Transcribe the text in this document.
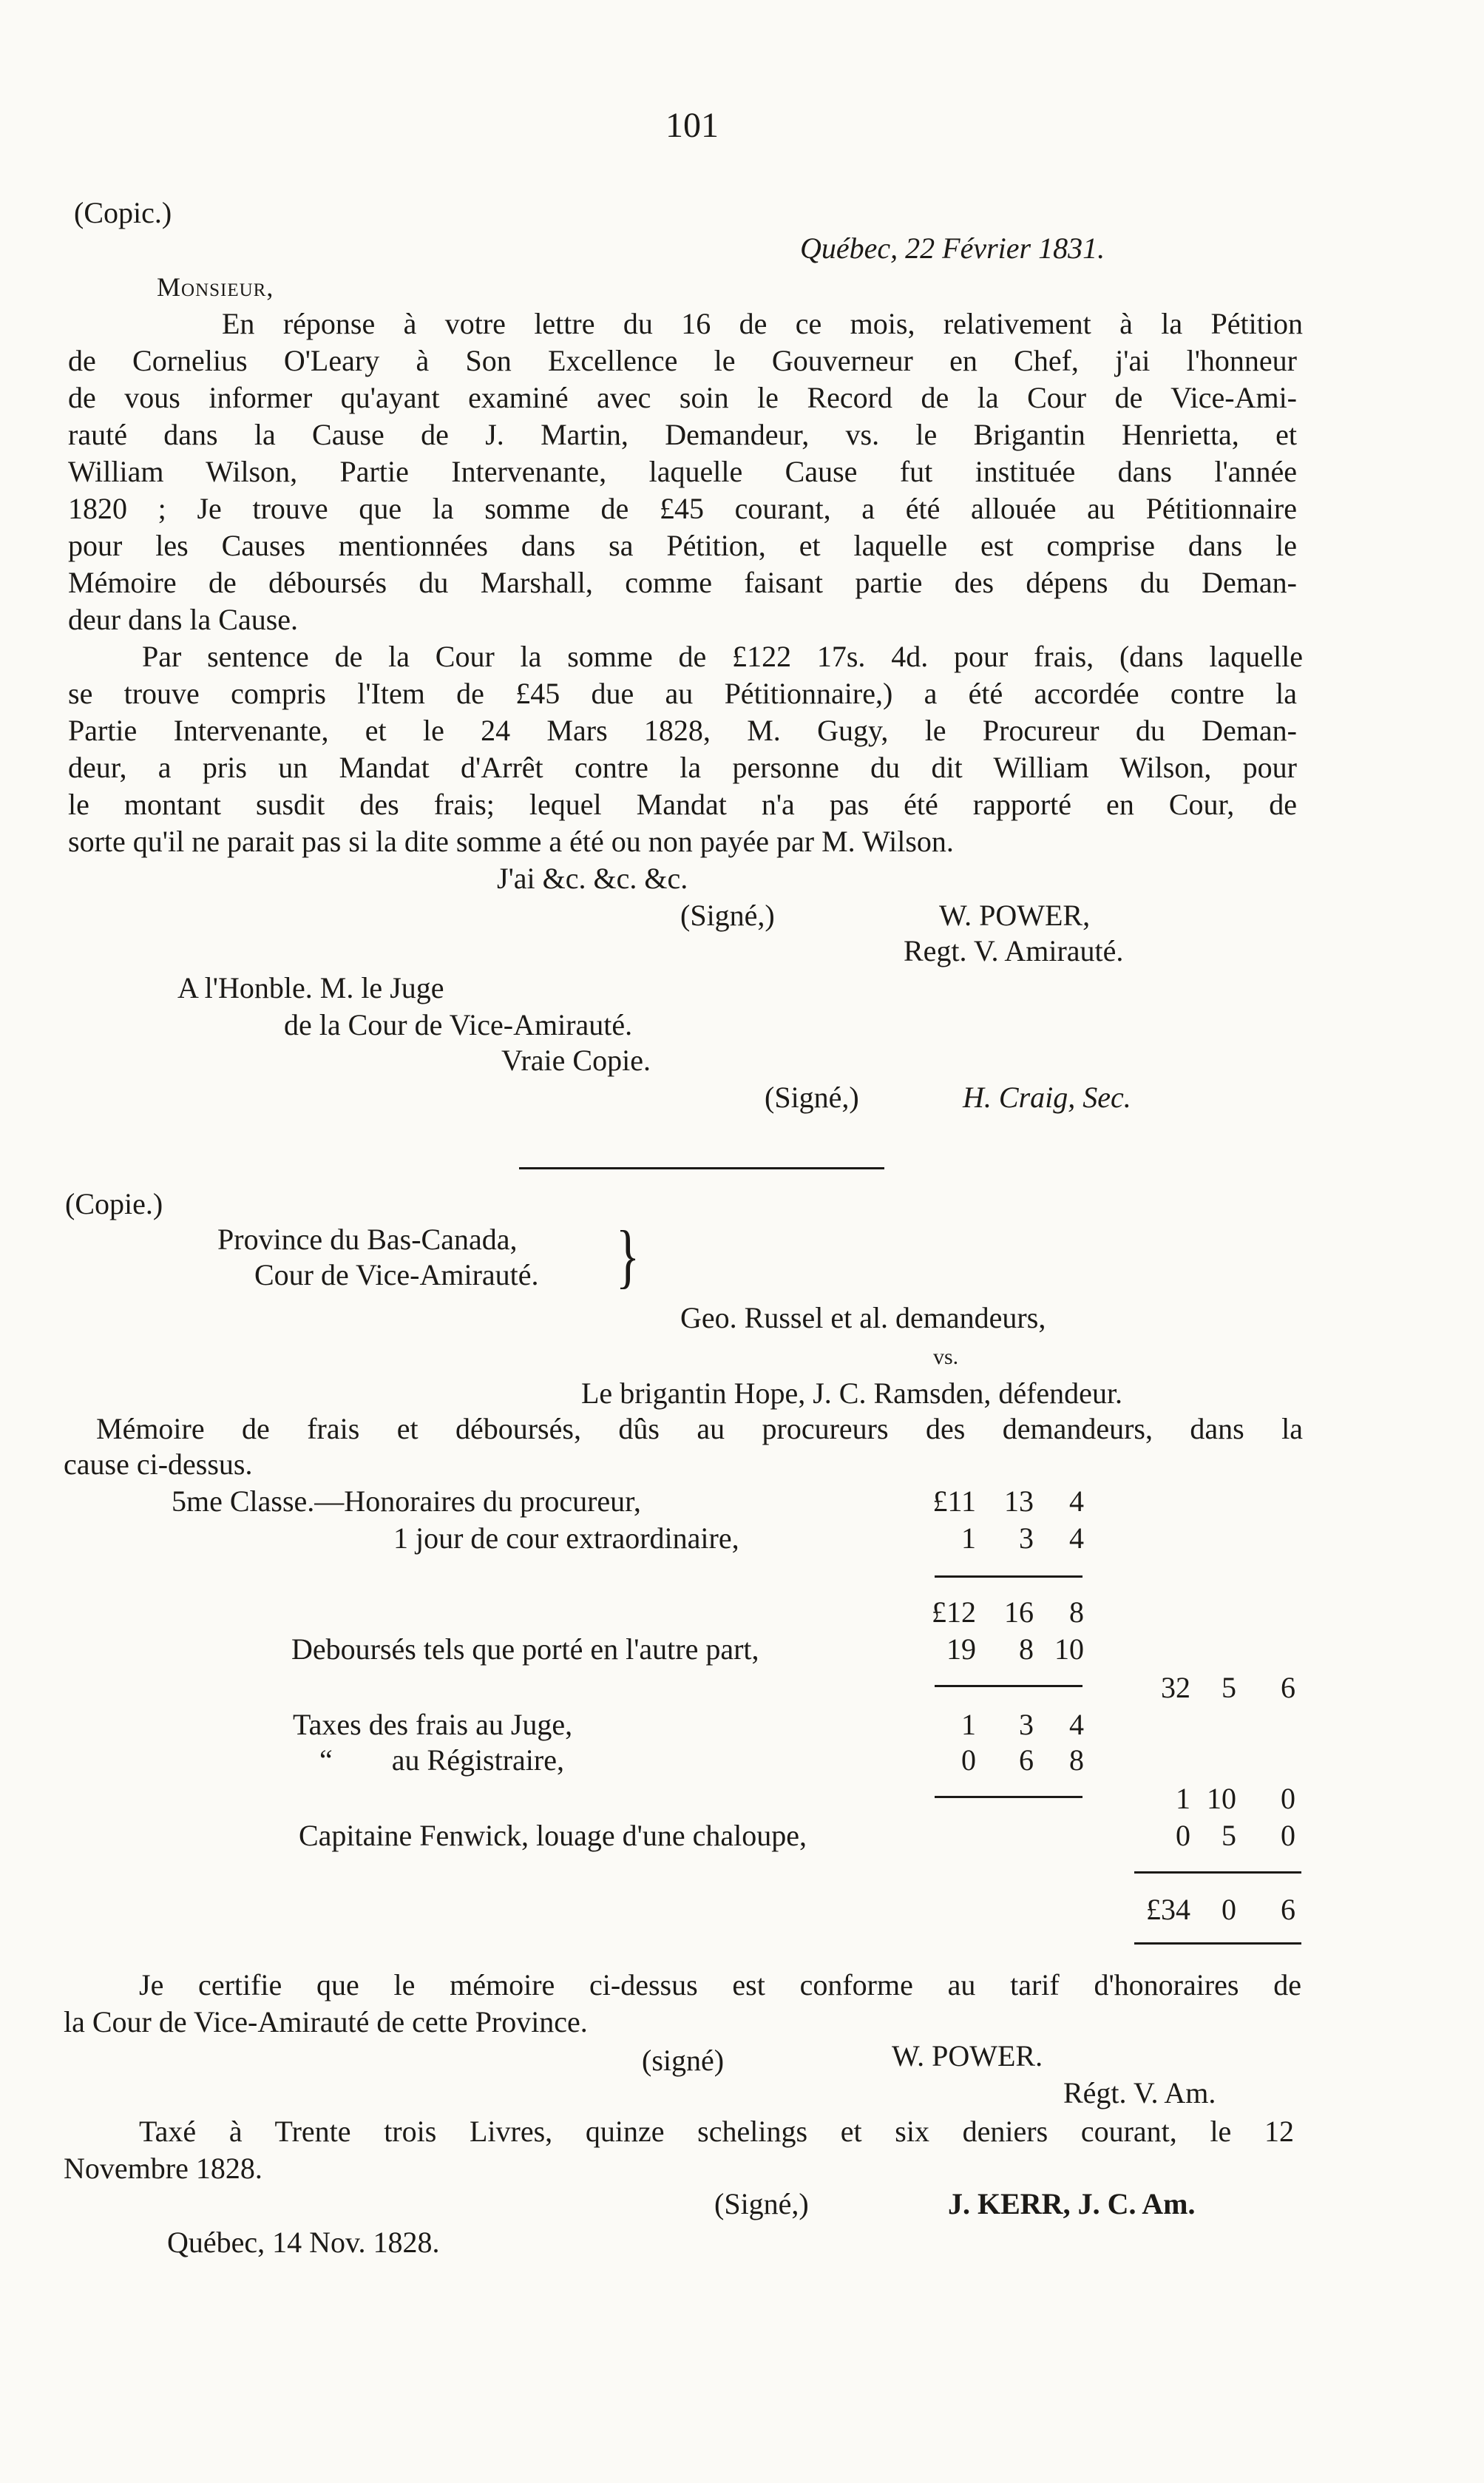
101
(Copic.)
Québec, 22 Février 1831.
Monsieur,
En réponse à votre lettre du 16 de ce mois, relativement à la Pétition
de Cornelius O'Leary à Son Excellence le Gouverneur en Chef, j'ai l'honneur
de vous informer qu'ayant examiné avec soin le Record de la Cour de Vice-Ami-
rauté dans la Cause de J. Martin, Demandeur, vs. le Brigantin Henrietta, et
William Wilson, Partie Intervenante, laquelle Cause fut instituée dans l'année
1820 ; Je trouve que la somme de £45 courant, a été allouée au Pétitionnaire
pour les Causes mentionnées dans sa Pétition, et laquelle est comprise dans le
Mémoire de déboursés du Marshall, comme faisant partie des dépens du Deman-
deur dans la Cause.
Par sentence de la Cour la somme de £122 17s. 4d. pour frais, (dans laquelle
se trouve compris l'Item de £45 due au Pétitionnaire,) a été accordée contre la
Partie Intervenante, et le 24 Mars 1828, M. Gugy, le Procureur du Deman-
deur, a pris un Mandat d'Arrêt contre la personne du dit William Wilson, pour
le montant susdit des frais; lequel Mandat n'a pas été rapporté en Cour, de
sorte qu'il ne parait pas si la dite somme a été ou non payée par M. Wilson.
J'ai &c. &c. &c.
(Signé,)	W. POWER,
Regt. V. Amirauté.
A l'Honble. M. le Juge
de la Cour de Vice-Amirauté.
Vraie Copie.
(Signé,)	H. Craig, Sec.
(Copie.)
Province du Bas-Canada,
Cour de Vice-Amirauté. }
Geo. Russel et al. demandeurs,
vs.
Le brigantin Hope, J. C. Ramsden, défendeur.
Mémoire de frais et déboursés, dûs au procureurs des demandeurs, dans la
cause ci-dessus.
5me Classe.—Honoraires du procureur,	£11 13	4
1 jour de cour extraordinaire,	1	3	4
£12 16	8
Deboursés tels que porté en l'autre part,	19	8 10
32	5	6
Taxes des frais au Juge,	1	3	4
“        au Régistraire,	0	6	8
1 10	0
Capitaine Fenwick, louage d'une chaloupe,	0	5	0
£34	0	6
Je certifie que le mémoire ci-dessus est conforme au tarif d'honoraires de
la Cour de Vice-Amirauté de cette Province.
(signé)	W. POWER.
Régt. V. Am.
Taxé à Trente trois Livres, quinze schelings et six deniers courant, le 12
Novembre 1828.
(Signé,)	J. KERR, J. C. Am.
Québec, 14 Nov. 1828.
